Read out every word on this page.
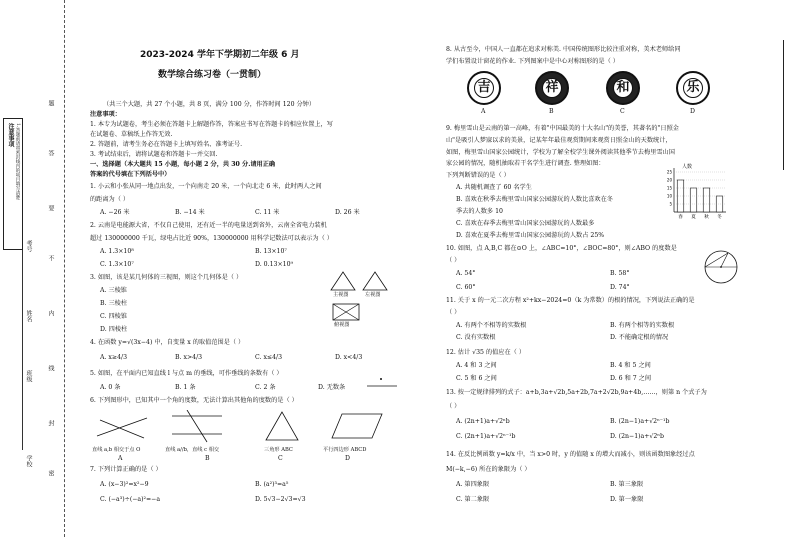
注意事项 1.答题前请将密封线内的项目填写清楚
学校
班级
姓名
考号
密
封
线
内
不
要
答
题
2023-2024 学年下学期初二年级 6 月
数学综合练习卷（一贯制）
（共三个大题，共 27 个小题，共 8 页，满分 100 分，作答时间 120 分钟）
注意事项：
1. 本专为试题卷，考生必须在答题卡上解题作答，答案应书写在答题卡的相应位置上，写
在试题卷、草稿纸上作答无效.
2. 答题前，请考生务必在答题卡上填写姓名、准考证号.
3. 考试结束后，请将试题卷和答题卡一并交回.
一、选择题（本大题共 15 小题，每小题 2 分，共 30 分.请用正确
答案的代号填在下列括号中）
1. 小云和小张从同一地点出发，一个向南走 20 米，一个向北走 6 米，此时两人之间
的距离为（ ）
A. −26 米	B. −14 米	C. 11 米	D. 26 米
2. 云南是电能源大省，不仅自己使用，还有近一半的电量送到省外，云南全省电力装机
超过 130000000 千瓦，绿电占比近 90%，130000000 用科学记数法可以表示为（ ）
A. 1.3×10⁸	B. 13×10⁷
C. 1.3×10⁷	D. 0.13×10⁹
3. 如图，该是某几何体的三视图，则这个几何体是（ ）
A. 三棱锥
B. 三棱柱
C. 四棱锥
D. 四棱柱
主视图	左视图
俯视图
4. 在函数 y=√(3x−4) 中，自变量 x 的取值范围是（ ）
A. x≥4/3	B. x>4/3	C. x≤4/3	D. x<4/3
5. 如图，在平面内已知直线 l 与点 m 的垂线，可作垂线的条数有（ ）
A. 0 条	B. 1 条	C. 2 条	D. 无数条
6. 下列图形中，已知其中一个角的度数，无法计算出其他角的度数的是（ ）
直线 a,b 相交于点 O	直线 a//b，直线 c 相交	三角形 ABC	平行四边形 ABCD
A	B	C	D
7. 下列计算正确的是（ ）
A. (x−3)²=x²−9	B. (a²)³=a⁵
C. (−a³)÷(−a)²=−a	D. 5√3−2√3=√3
8. 从古至今，中国人一直都在追求对称美. 中国传统图形比较注重对称，美术老师给同
学们布置设计窗花的作业. 下列图案中是中心对称图形的是（ ）
吉	祥	和	乐
A	B	C	D
9. 梅里雪山是云南的第一高峰，有着"中国最美的十大名山"的美誉，其著名的"日照金
山"是吸引人梦寐以求的美景，记某年年最佳观赏期间来观赏日照金山的天数统计，
如图，梅里雪山国家公园统计，学校为了解全校学生课外阅读其他季节去梅里雪山国
家公园的情况，随机抽取若干名学生进行调查. 整理如图：
下列判断错误的是（ ）
A. 共随机调查了 60 名学生
B. 喜欢在秋季去梅里雪山国家公园游玩的人数比喜欢在冬
季去的人数多 10
C. 喜欢在春季去梅里雪山国家公园游玩的人数最多
D. 喜欢在夏季去梅里雪山国家公园游玩的人数占 25%
人数
春 夏 秋 冬
5
10
15
20
25
10. 如图，点 A,B,C 都在⊙O 上，∠ABC=10°，∠BOC=80°，则∠ABO 的度数是
（ ）
A. 54°	B. 58°
C. 60°	D. 74°
11. 关于 x 的一元二次方程 x²+kx−2024=0（k 为常数）的根的情况，下列说法正确的是
（ ）
A. 有两个不相等的实数根	B. 有两个相等的实数根
C. 没有实数根	D. 不能确定根的情况
12. 估计 √35 的值应在（ ）
A. 4 和 3 之间	B. 4 和 5 之间
C. 5 和 6 之间	D. 6 和 7 之间
13. 按一定规律排列的式子：a+b,3a+√2b,5a+2b,7a+2√2b,9a+4b,……，则第 n 个式子为
（ ）
A. (2n+1)a+√2ⁿb	B. (2n−1)a+√2ⁿ⁻¹b
C. (2n+1)a+√2ⁿ⁻¹b	D. (2n−1)a+√2ⁿb
14. 在反比例函数 y=k/x 中，当 x>0 时，y 的值随 x 的增大而减小，则该函数图象经过点
M(−k,−6) 所在的象限为（ ）
A. 第四象限	B. 第三象限
C. 第二象限	D. 第一象限
